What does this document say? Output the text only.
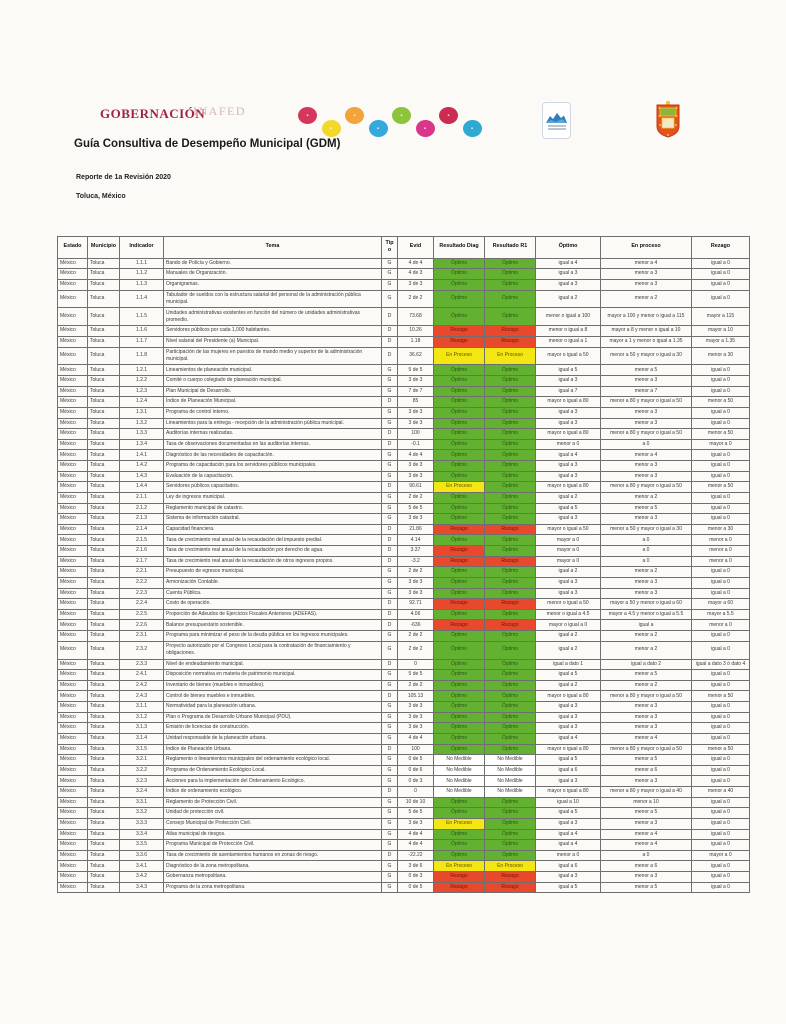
GOBERNACIÓN
INAFED	▪
▪
▪
▪
▪
▪
▪
▪
Guía Consultiva de Desempeño Municipal (GDM)
Reporte de 1a Revisión 2020
Toluca, México
Estado	Municipio	Indicador	Tema	Tipo	Evid	Resultado Diag	Resultado R1	Óptimo	En proceso	Rezago
México	Toluca	1.1.1	Bando de Policía y Gobierno.	G	4 de 4	Óptimo	Óptimo	igual a 4	menor a 4	igual a 0
México	Toluca	1.1.2	Manuales de Organización.	G	4 de 3	Óptimo	Óptimo	igual a 3	menor a 3	igual a 0
México	Toluca	1.1.3	Organigramas.	G	3 de 3	Óptimo	Óptimo	igual a 3	menor a 3	igual a 0
México	Toluca	1.1.4	Tabulador de sueldos con la estructura salarial del personal de la administración pública municipal.	G	2 de 2	Óptimo	Óptimo	igual a 2	menor a 2	igual a 0
México	Toluca	1.1.5	Unidades administrativas existentes en función del número de unidades administrativas promedio.	D	73.68	Óptimo	Óptimo	menor o igual a 100	mayor a 100 y menor o igual a 115	mayor a 115
México	Toluca	1.1.6	Servidores públicos por cada 1,000 habitantes.	D	10.26	Rezago	Rezago	menor o igual a 8	mayor a 8 y menor o igual a 10	mayor a 10
México	Toluca	1.1.7	Nivel salarial del Presidente (a) Municipal.	D	1.18	Rezago	Rezago	menor o igual a 1	mayor a 1 y menor o igual a 1.35	mayor a 1.35
México	Toluca	1.1.8	Participación de las mujeres en puestos de mando medio y superior de la administración municipal.	D	36.62	En Proceso	En Proceso	mayor o igual a 50	menor a 50 y mayor o igual a 30	menor a 30
México	Toluca	1.2.1	Lineamientos de planeación municipal.	G	5 de 5	Óptimo	Óptimo	igual a 5	menor a 5	igual a 0
México	Toluca	1.2.2	Comité o cuerpo colegiado de planeación municipal.	G	3 de 3	Óptimo	Óptimo	igual a 3	menor a 3	igual a 0
México	Toluca	1.2.3	Plan Municipal de Desarrollo.	G	7 de 7	Óptimo	Óptimo	igual a 7	menor a 7	igual a 0
México	Toluca	1.2.4	Índice de Planeación Municipal.	D	85	Óptimo	Óptimo	mayor o igual a 80	menor a 80 y mayor o igual a 50	menor a 50
México	Toluca	1.3.1	Programa de control interno.	G	3 de 3	Óptimo	Óptimo	igual a 3	menor a 3	igual a 0
México	Toluca	1.3.2	Lineamientos para la entrega - recepción de la administración pública municipal.	G	3 de 3	Óptimo	Óptimo	igual a 3	menor a 3	igual a 0
México	Toluca	1.3.3	Auditorías internas realizadas.	D	100	Óptimo	Óptimo	mayor o igual a 80	menor a 80 y mayor o igual a 50	menor a 50
México	Toluca	1.3.4	Tasa de observaciones documentadas en las auditorías internas.	D	-0.1	Óptimo	Óptimo	menor a 0	a 0	mayor a 0
México	Toluca	1.4.1	Diagnóstico de las necesidades de capacitación.	G	4 de 4	Óptimo	Óptimo	igual a 4	menor a 4	igual a 0
México	Toluca	1.4.2	Programa de capacitación para los servidores públicos municipales.	G	3 de 3	Óptimo	Óptimo	igual a 3	menor a 3	igual a 0
México	Toluca	1.4.3	Evaluación de la capacitación.	G	3 de 3	Óptimo	Óptimo	igual a 3	menor a 3	igual a 0
México	Toluca	1.4.4	Servidores públicos capacitados.	D	90.61	En Proceso	Óptimo	mayor o igual a 80	menor a 80 y mayor o igual a 50	menor a 50
México	Toluca	2.1.1	Ley de ingresos municipal.	G	2 de 2	Óptimo	Óptimo	igual a 2	menor a 2	igual a 0
México	Toluca	2.1.2	Reglamento municipal de catastro.	G	5 de 5	Óptimo	Óptimo	igual a 5	menor a 5	igual a 0
México	Toluca	2.1.3	Sistema de información catastral.	G	3 de 3	Óptimo	Óptimo	igual a 3	menor a 3	igual a 0
México	Toluca	2.1.4	Capacidad financiera.	D	21.86	Rezago	Rezago	mayor o igual a 50	menor a 50 y mayor o igual a 30	menor a 30
México	Toluca	2.1.5	Tasa de crecimiento real anual de la recaudación del impuesto predial.	D	4.14	Óptimo	Óptimo	mayor a 0	a 0	menor a 0
México	Toluca	2.1.6	Tasa de crecimiento real anual de la recaudación por derecho de agua.	D	3.37	Rezago	Óptimo	mayor a 0	a 0	menor a 0
México	Toluca	2.1.7	Tasa de crecimiento real anual de la recaudación de otros ingresos propios.	D	-3.2	Rezago	Rezago	mayor a 0	a 0	menor a 0
México	Toluca	2.2.1	Presupuesto de egresos municipal.	G	2 de 2	Óptimo	Óptimo	igual a 2	menor a 2	igual a 0
México	Toluca	2.2.2	Armonización Contable.	G	3 de 3	Óptimo	Óptimo	igual a 3	menor a 3	igual a 0
México	Toluca	2.2.3	Cuenta Pública.	G	3 de 3	Óptimo	Óptimo	igual a 3	menor a 3	igual a 0
México	Toluca	2.2.4	Costo de operación.	D	92.71	Rezago	Rezago	menor o igual a 50	mayor a 50 y menor o igual a 60	mayor a 60
México	Toluca	2.2.5	Proporción de Adeudos de Ejercicios Fiscales Anteriores (ADEFAS).	D	4.06	Óptimo	Óptimo	menor o igual a 4.5	mayor a 4.5 y menor o igual a 5.5	mayor a 5.5
México	Toluca	2.2.6	Balance presupuestario sostenible.	D	-636	Rezago	Rezago	mayor o igual a 0	igual a	menor a 0
México	Toluca	2.3.1	Programa para minimizar el peso de la deuda pública en los ingresos municipales.	G	2 de 2	Óptimo	Óptimo	igual a 2	menor a 2	igual a 0
México	Toluca	2.3.2	Proyecto autorizado por el Congreso Local para la contratación de financiamiento y obligaciones.	G	2 de 2	Óptimo	Óptimo	igual a 2	menor a 2	igual a 0
México	Toluca	2.3.3	Nivel de endeudamiento municipal.	D	0	Óptimo	Óptimo	igual a dato 1	igual a dato 2	igual a dato 3 ó dato 4
México	Toluca	2.4.1	Disposición normativa en materia de patrimonio municipal.	G	5 de 5	Óptimo	Óptimo	igual a 5	menor a 5	igual a 0
México	Toluca	2.4.2	Inventario de bienes (muebles e inmuebles).	G	2 de 2	Óptimo	Óptimo	igual a 2	menor a 2	igual a 0
México	Toluca	2.4.3	Control de bienes muebles e inmuebles.	D	105.13	Óptimo	Óptimo	mayor o igual a 80	menor a 80 y mayor o igual a 50	menor a 50
México	Toluca	3.1.1	Normatividad para la planeación urbana.	G	3 de 3	Óptimo	Óptimo	igual a 3	menor a 3	igual a 0
México	Toluca	3.1.2	Plan o Programa de Desarrollo Urbano Municipal (PDU).	G	3 de 3	Óptimo	Óptimo	igual a 3	menor a 3	igual a 0
México	Toluca	3.1.3	Emisión de licencias de construcción.	G	3 de 3	Óptimo	Óptimo	igual a 3	menor a 3	igual a 0
México	Toluca	3.1.4	Unidad responsable de la planeación urbana.	G	4 de 4	Óptimo	Óptimo	igual a 4	menor a 4	igual a 0
México	Toluca	3.1.5	Índice de Planeación Urbana.	D	100	Óptimo	Óptimo	mayor o igual a 80	menor a 80 y mayor o igual a 50	menor a 50
México	Toluca	3.2.1	Reglamento o lineamientos municipales del ordenamiento ecológico local.	G	0 de 5	No Medible	No Medible	igual a 5	menor a 5	igual a 0
México	Toluca	3.2.2	Programa de Ordenamiento Ecológico Local.	G	0 de 6	No Medible	No Medible	igual a 6	menor a 6	igual a 0
México	Toluca	3.2.3	Acciones para la implementación del Ordenamiento Ecológico.	G	0 de 3	No Medible	No Medible	igual a 3	menor a 3	igual a 0
México	Toluca	3.2.4	Índice de ordenamiento ecológico.	D	0	No Medible	No Medible	mayor o igual a 80	menor a 80 y mayor o igual a 40	menor a 40
México	Toluca	3.3.1	Reglamento de Protección Civil.	G	10 de 10	Óptimo	Óptimo	igual a 10	menor a 10	igual a 0
México	Toluca	3.3.2	Unidad de protección civil.	G	5 de 5	Óptimo	Óptimo	igual a 5	menor a 5	igual a 0
México	Toluca	3.3.3	Consejo Municipal de Protección Civil.	G	3 de 3	En Proceso	Óptimo	igual a 3	menor a 3	igual a 0
México	Toluca	3.3.4	Atlas municipal de riesgos.	G	4 de 4	Óptimo	Óptimo	igual a 4	menor a 4	igual a 0
México	Toluca	3.3.5	Programa Municipal de Protección Civil.	G	4 de 4	Óptimo	Óptimo	igual a 4	menor a 4	igual a 0
México	Toluca	3.3.6	Tasa de crecimiento de asentamientos humanos en zonas de riesgo.	D	-22.22	Óptimo	Óptimo	menor a 0	a 0	mayor a 0
México	Toluca	3.4.1	Diagnóstico de la zona metropolitana.	G	3 de 6	En Proceso	En Proceso	igual a 6	menor a 6	igual a 0
México	Toluca	3.4.2	Gobernanza metropolitana.	G	0 de 3	Rezago	Rezago	igual a 3	menor a 3	igual a 0
México	Toluca	3.4.3	Programa de la zona metropolitana.	G	0 de 5	Rezago	Rezago	igual a 5	menor a 5	igual a 0
